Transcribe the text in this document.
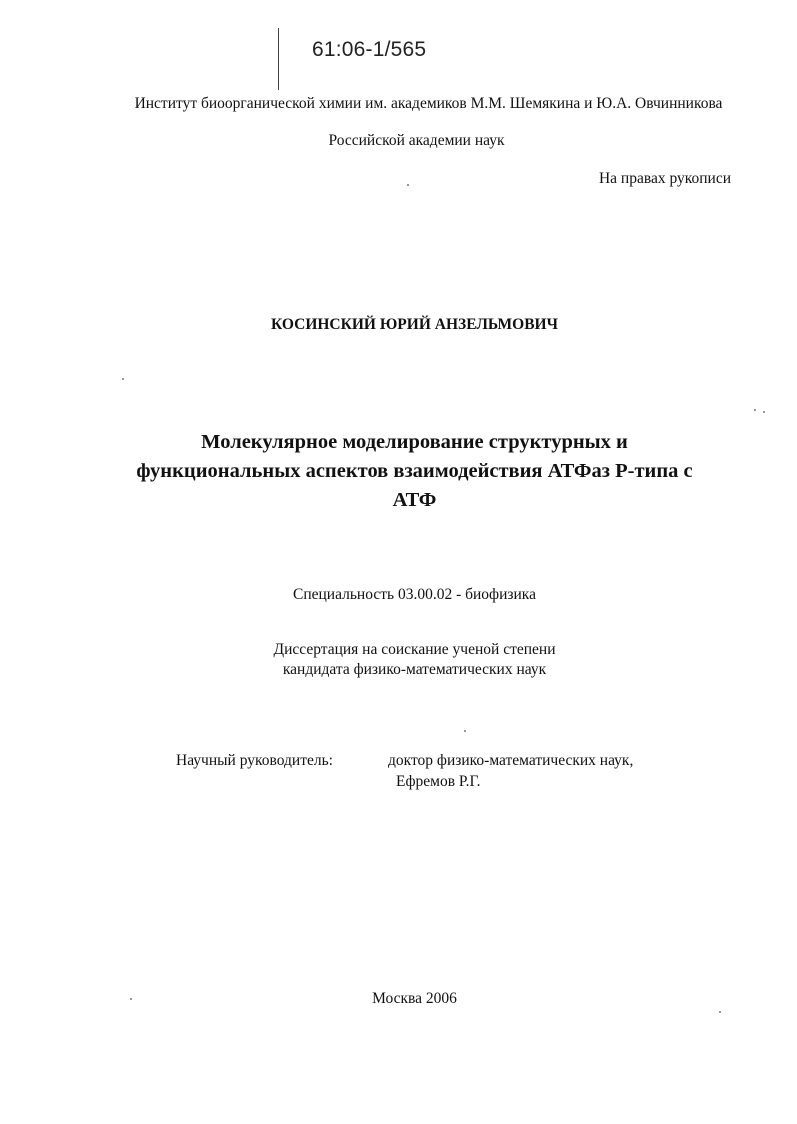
61:06-1/565
Институт биоорганической химии им. академиков М.М. Шемякина и Ю.А. Овчинникова
Российской академии наук
На правах рукописи
КОСИНСКИЙ ЮРИЙ АНЗЕЛЬМОВИЧ
Молекулярное моделирование структурных и
функциональных аспектов взаимодействия АТФаз Р-типа с
АТФ
Специальность 03.00.02 - биофизика
Диссертация на соискание ученой степени
кандидата физико-математических наук
Научный руководитель:	доктор физико-математических наук,
Ефремов Р.Г.
Москва 2006
